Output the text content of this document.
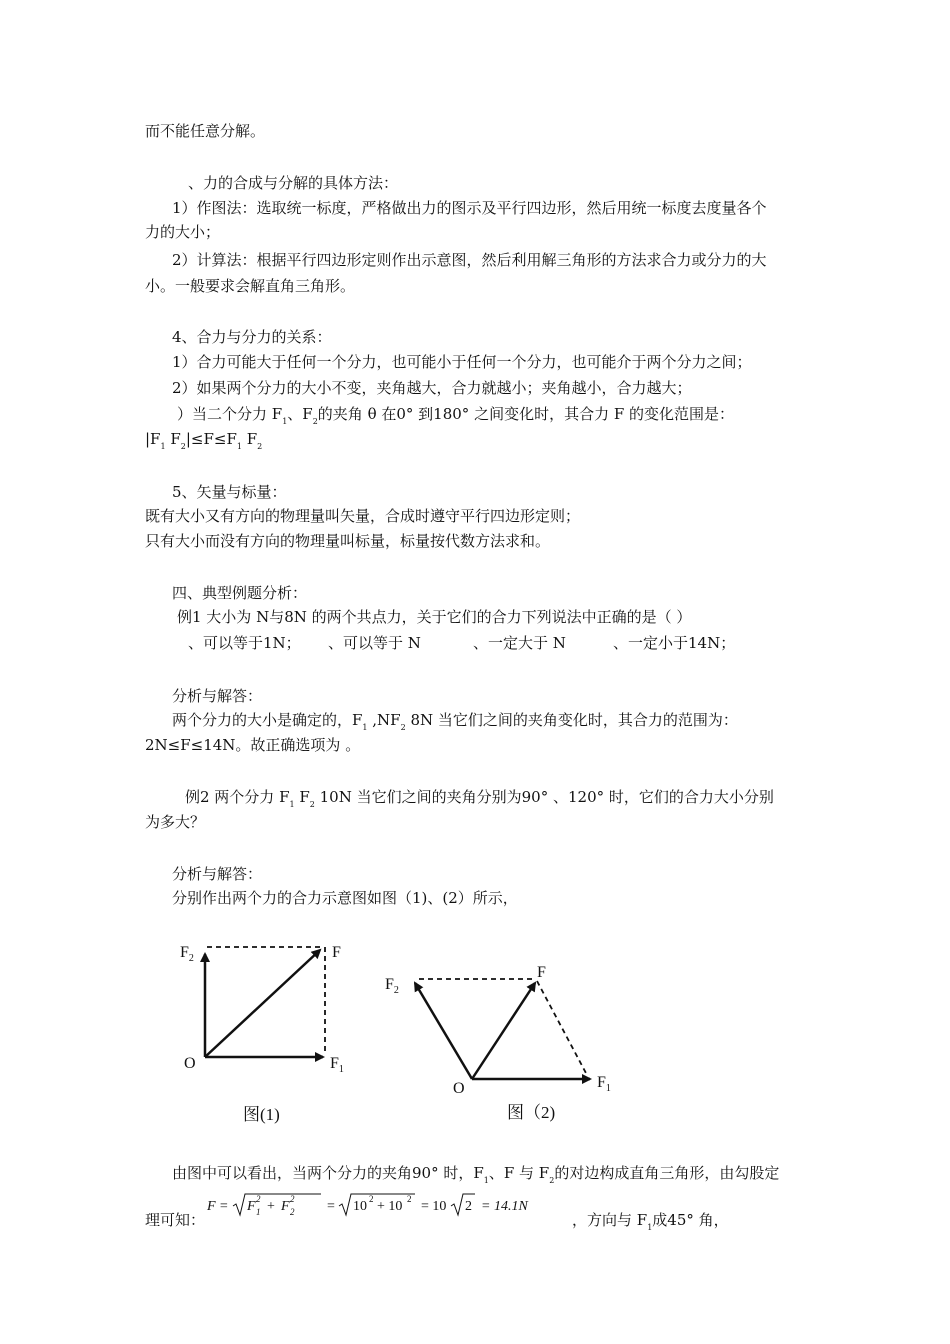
而不能任意分解。
、力的合成与分解的具体方法：
1）作图法：选取统一标度，严格做出力的图示及平行四边形，然后用统一标度去度量各个
力的大小；
2）计算法：根据平行四边形定则作出示意图，然后利用解三角形的方法求合力或分力的大
小。一般要求会解直角三角形。
4、合力与分力的关系：
1）合力可能大于任何一个分力，也可能小于任何一个分力，也可能介于两个分力之间；
2）如果两个分力的大小不变，夹角越大，合力就越小；夹角越小，合力越大；
）当二个分力 $F_1$、$F_2$的夹角 θ 在0° 到180° 之间变化时，其合力 F 的变化范围是：
$|F_1$ $F_2|\le F\le F_1$ $F_2$
5、矢量与标量：
既有大小又有方向的物理量叫矢量，合成时遵守平行四边形定则；
只有大小而没有方向的物理量叫标量，标量按代数方法求和。
四、典型例题分析：
例1 大小为 N与8N 的两个共点力，关于它们的合力下列说法中正确的是（ ）
、可以等于1N； 、可以等于 N	、一定大于 N	、一定小于14N；
分析与解答：
两个分力的大小是确定的，$F_1$ $,NF_2$ 8N 当它们之间的夹角变化时，其合力的范围为：
2N≤F≤14N。故正确选项为 。
例2 两个分力 $F_1$ $F_2$ 10N 当它们之间的夹角分别为90° 、120° 时，它们的合力大小分别
为多大？
分析与解答：
分别作出两个力的合力示意图如图（1)、(2）所示，
$F_2$	F
O	$F_1$
图(1)
$F_2$
F
O	$F_1$
图（2)
由图中可以看出，当两个分力的夹角90° 时，$F_1$、F 与 $F_2$的对边构成直角三角形，由勾股定
理可知：
F = F 1
2 + F 2
2 = 10 2 + 10 2 = 10 2 = 14.1N
，方向与 $F_1$成45° 角，
